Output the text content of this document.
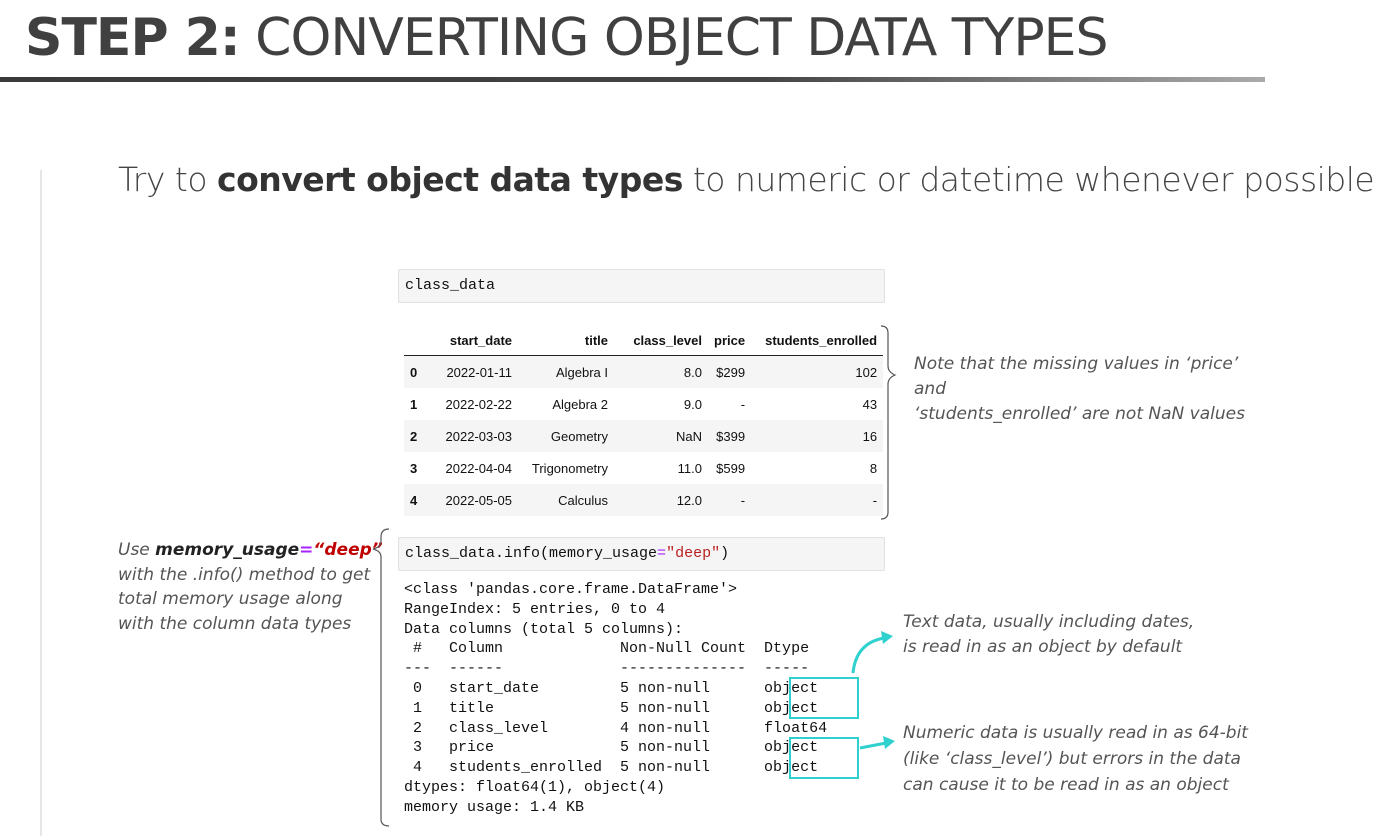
STEP 2: CONVERTING OBJECT DATA TYPES
Try to convert object data types to numeric or datetime whenever possible
class_data
	start_date	title	class_level	price	students_enrolled
0	2022-01-11	Algebra I	8.0	$299	102
1	2022-02-22	Algebra 2	9.0	-	43
2	2022-03-03	Geometry	NaN	$399	16
3	2022-04-04	Trigonometry	11.0	$599	8
4	2022-05-05	Calculus	12.0	-	-
Note that the missing values in ‘price’ and
‘students_enrolled’ are not NaN values
class_data.info(memory_usage="deep")
Use memory_usage=“deep”
with the .info() method to get
total memory usage along
with the column data types
<class 'pandas.core.frame.DataFrame'>
RangeIndex: 5 entries, 0 to 4
Data columns (total 5 columns):
#   Column             Non-Null Count  Dtype
---  ------             --------------  -----
0   start_date         5 non-null      object
1   title              5 non-null      object
2   class_level        4 non-null      float64
3   price              5 non-null      object
4   students_enrolled  5 non-null      object
dtypes: float64(1), object(4)
memory usage: 1.4 KB
Text data, usually including dates,
is read in as an object by default
Numeric data is usually read in as 64-bit
(like ‘class_level’) but errors in the data
can cause it to be read in as an object
